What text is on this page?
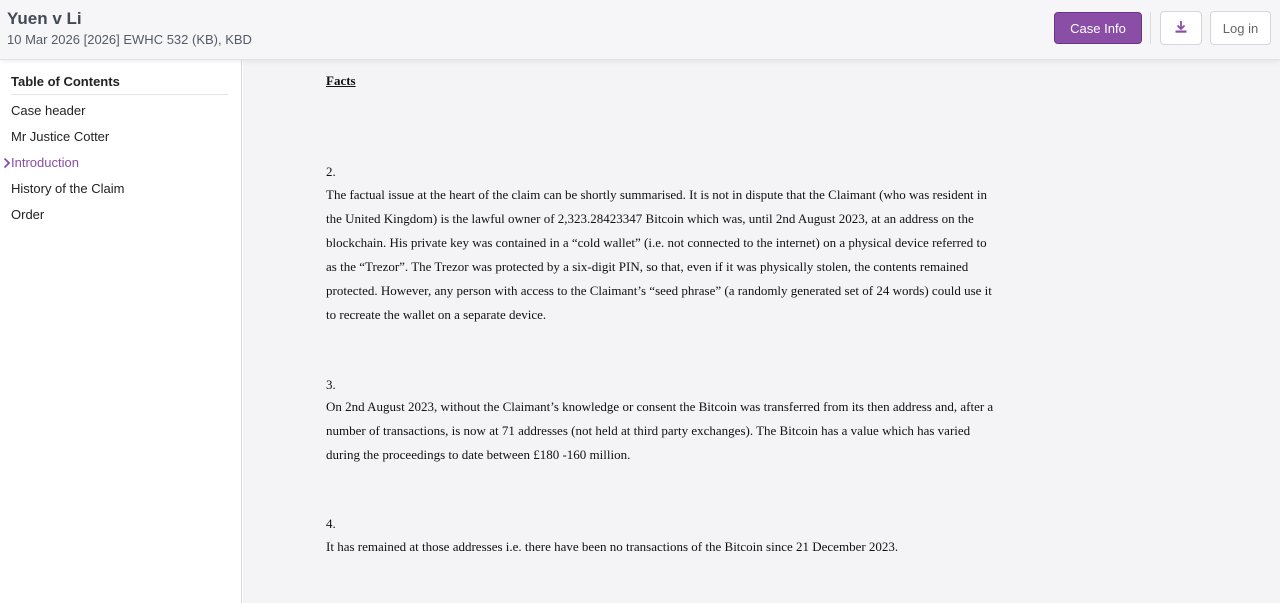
Yuen v Li
10 Mar 2026 [2026] EWHC 532 (KB), KBD
Case Info	Log in
Table of Contents
Case header
Mr Justice Cotter
Introduction
History of the Claim
Order
Facts
2.

The factual issue at the heart of the claim can be shortly summarised. It is not in dispute that the Claimant (who was resident in the United Kingdom) is the lawful owner of 2,323.28423347 Bitcoin which was, until 2nd August 2023, at an address on the blockchain. His private key was contained in a “cold wallet” (i.e. not connected to the internet) on a physical device referred to as the “Trezor”. The Trezor was protected by a six-digit PIN, so that, even if it was physically stolen, the contents remained protected. However, any person with access to the Claimant’s “seed phrase” (a randomly generated set of 24 words) could use it to recreate the wallet on a separate device.

3.

On 2nd August 2023, without the Claimant’s knowledge or consent the Bitcoin was transferred from its then address and, after a number of transactions, is now at 71 addresses (not held at third party exchanges). The Bitcoin has a value which has varied during the proceedings to date between £180 -160 million.

4.

It has remained at those addresses i.e. there have been no transactions of the Bitcoin since 21 December 2023.
